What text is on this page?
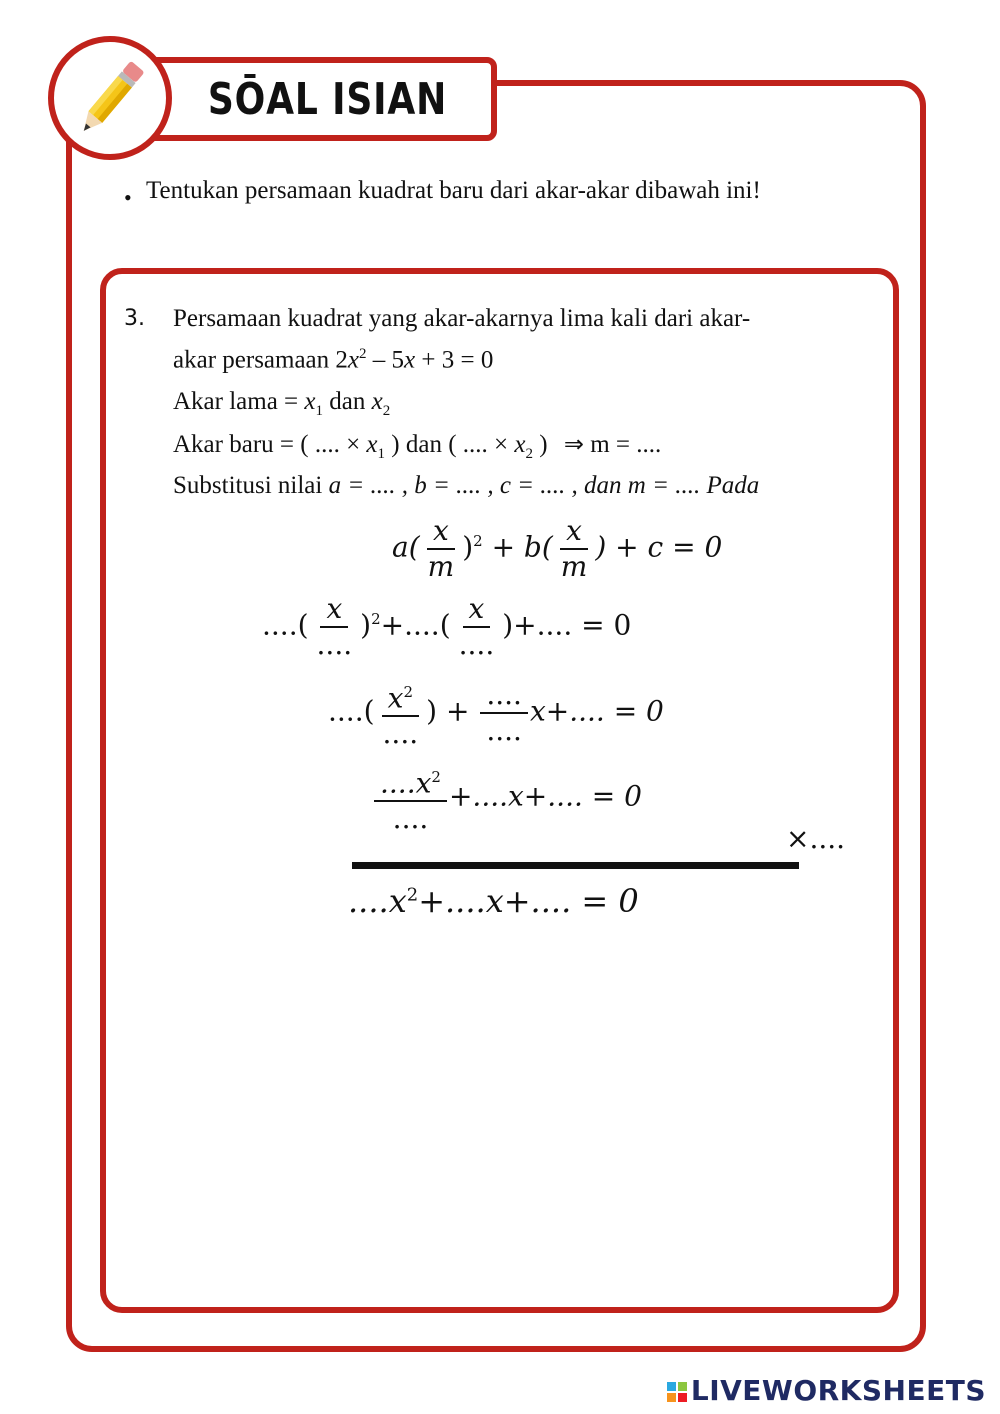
SŌAL ISIAN
• Tentukan persamaan kuadrat baru dari akar-akar dibawah ini!
3. Persamaan kuadrat yang akar-akarnya lima kali dari akar-
akar persamaan $2x^2 - 5x + 3 = 0$
Akar lama = $x_1$ dan $x_2$
Akar baru = ( .... × $x_1$ ) dan ( .... × $x_2$ ) ⇒ m = ....
Substitusi nilai a = .... , b = .... , c = .... , dan m = .... Pada
$a( \frac{x}{m} )^2 + b( \frac{x}{m}$ ) + c = 0
....( $\frac{x}{....} )^2+....( \frac{x}{....}$ )+.... = 0
....( $\frac{x^2}{....}$ ) + $\frac{....}{....} x+$.... = 0
$\frac{....x^2}{....} +....x+$.... = 0
×....
$....x^2+....x+$.... = 0
LIVEWORKSHEETS
